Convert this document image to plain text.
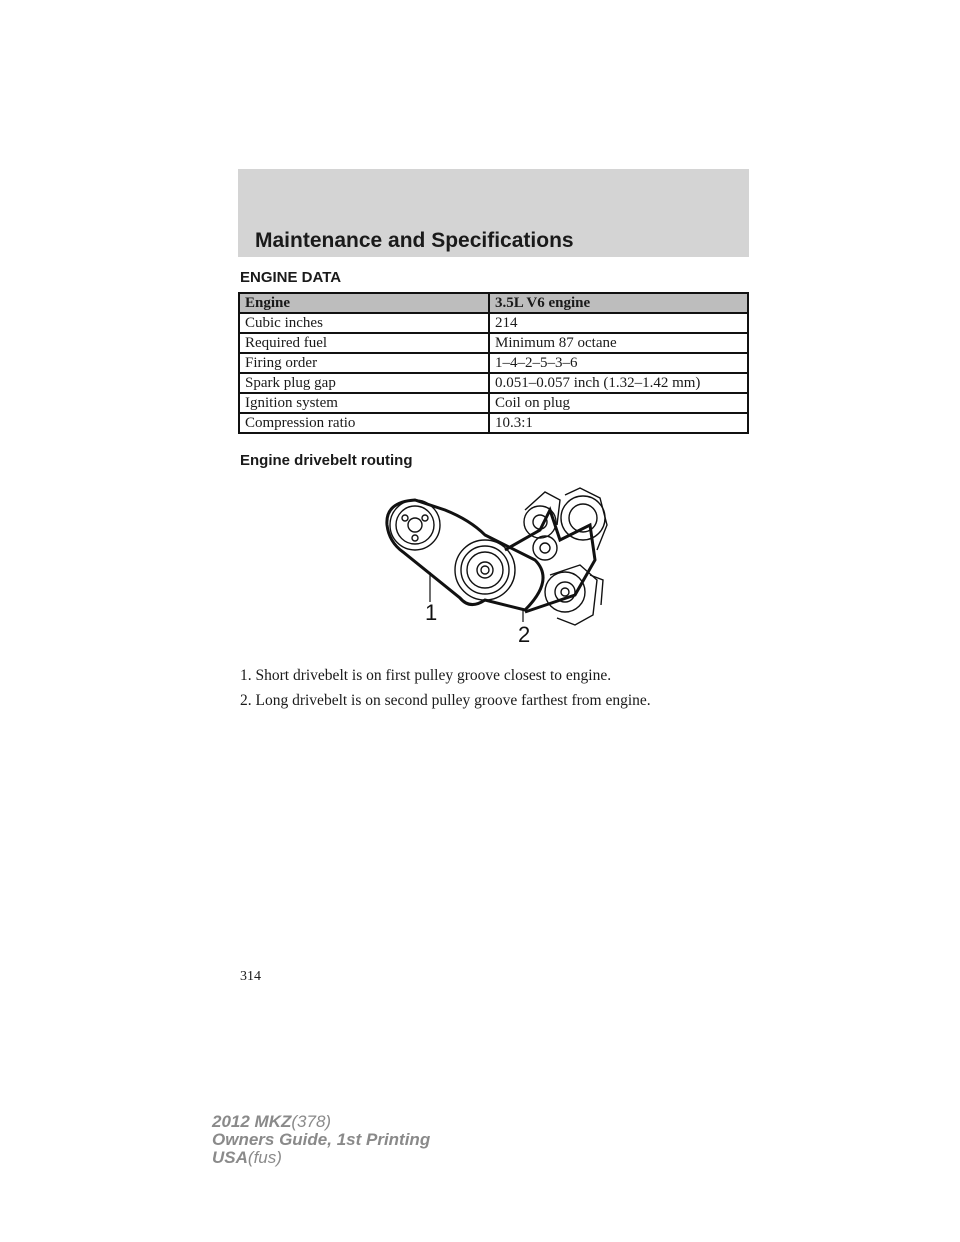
Maintenance and Specifications
ENGINE DATA
Engine	3.5L V6 engine
Cubic inches	214
Required fuel	Minimum 87 octane
Firing order	1–4–2–5–3–6
Spark plug gap	0.051–0.057 inch (1.32–1.42 mm)
Ignition system	Coil on plug
Compression ratio	10.3:1
Engine drivebelt routing
1
2
1. Short drivebelt is on first pulley groove closest to engine.
2. Long drivebelt is on second pulley groove farthest from engine.
314
2012 MKZ(378)
Owners Guide, 1st Printing
USA(fus)
